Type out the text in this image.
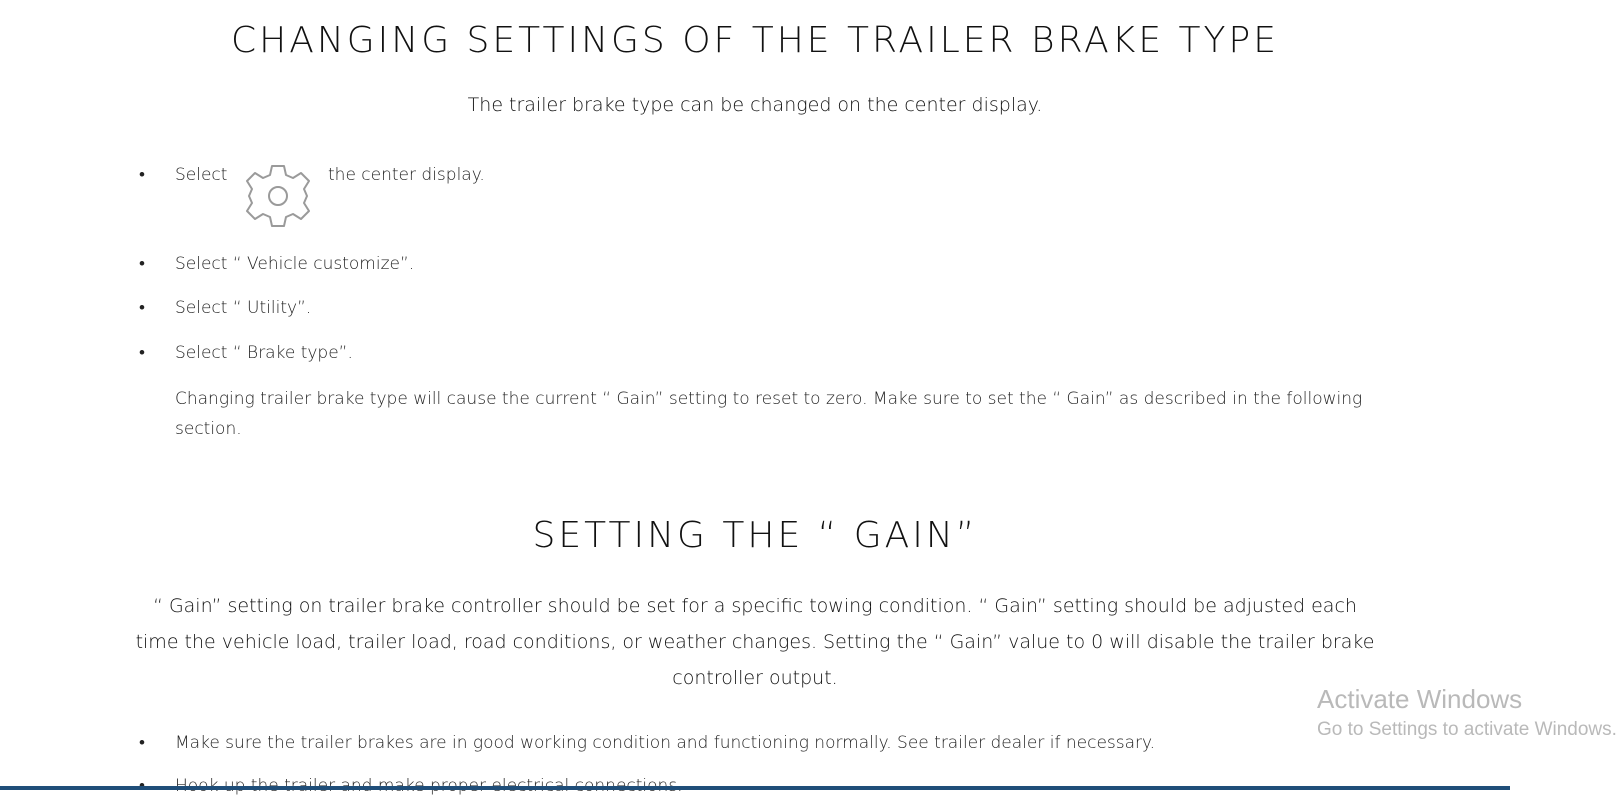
CHANGING SETTINGS OF THE TRAILER BRAKE TYPE

The trailer brake type can be changed on the center display.

• Select	the center display.
• Select “ Vehicle customize”.
• Select “ Utility”.
• Select “ Brake type”.

Changing trailer brake type will cause the current “ Gain” setting to reset to zero. Make sure to set the “ Gain” as described in the following section.

SETTING THE “ GAIN”

“ Gain” setting on trailer brake controller should be set for a specific towing condition. “ Gain” setting should be adjusted each time the vehicle load, trailer load, road conditions, or weather changes. Setting the “ Gain” value to 0 will disable the trailer brake controller output.

• Make sure the trailer brakes are in good working condition and functioning normally. See trailer dealer if necessary.
Activate Windows
Go to Settings to activate Windows.
